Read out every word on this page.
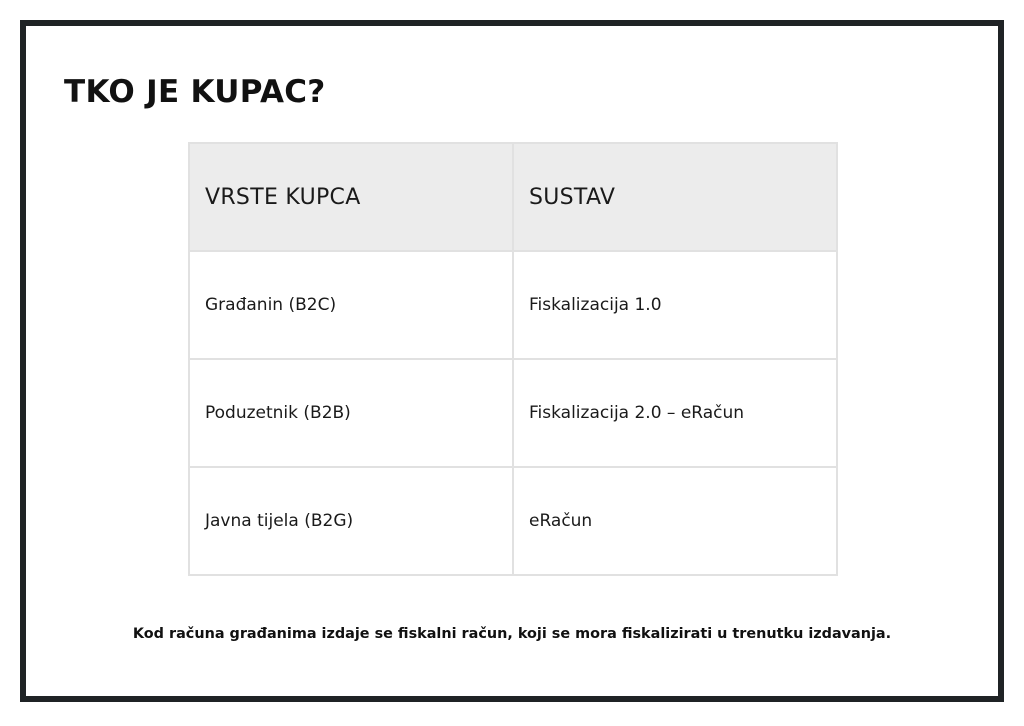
TKO JE KUPAC?
VRSTE KUPCA	SUSTAV
Građanin (B2C)	Fiskalizacija 1.0
Poduzetnik (B2B)	Fiskalizacija 2.0 – eRačun
Javna tijela (B2G)	eRačun

Kod računa građanima izdaje se fiskalni račun, koji se mora fiskalizirati u trenutku izdavanja.
